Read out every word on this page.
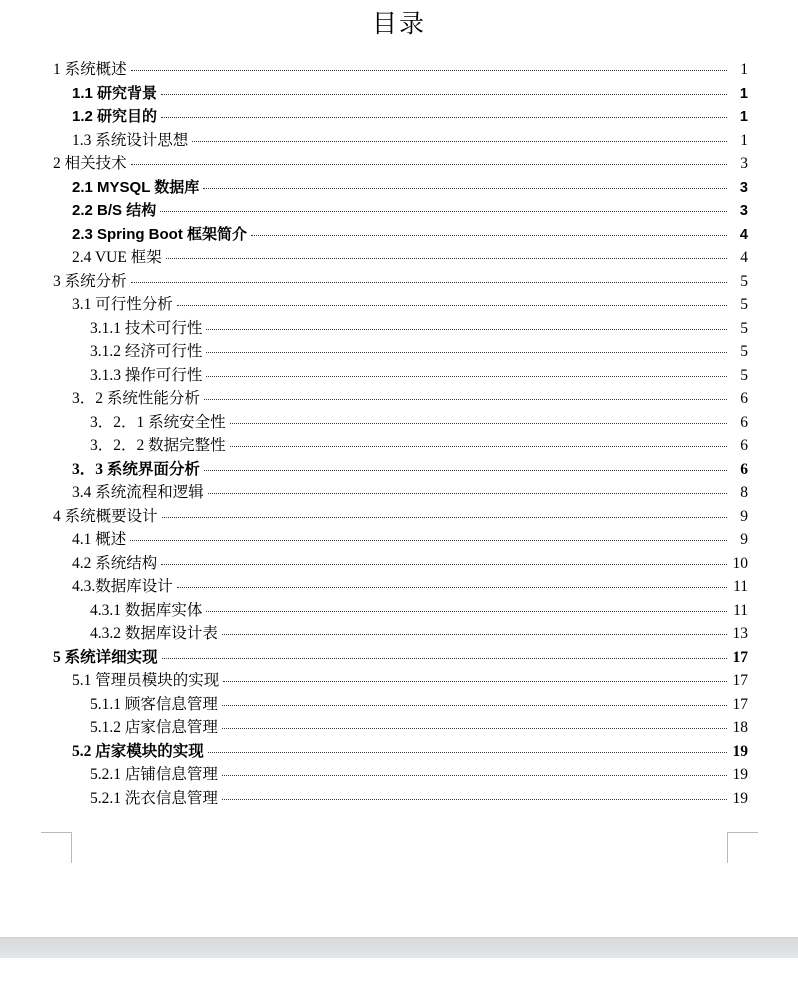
目录
1 系统概述	1
1.1 研究背景	1
1.2 研究目的	1
1.3 系统设计思想	1
2 相关技术	3
2.1 MYSQL 数据库	3
2.2 B/S 结构	3
2.3 Spring Boot 框架简介	4
2.4 VUE 框架	4
3 系统分析	5
3.1 可行性分析	5
3.1.1 技术可行性	5
3.1.2 经济可行性	5
3.1.3 操作可行性	5
3．2 系统性能分析	6
3．2．1 系统安全性	6
3．2．2 数据完整性	6
3．3 系统界面分析	6
3.4 系统流程和逻辑	8
4 系统概要设计	9
4.1 概述	9
4.2 系统结构	10
4.3.数据库设计	11
4.3.1 数据库实体	11
4.3.2 数据库设计表	13
5 系统详细实现	17
5.1 管理员模块的实现	17
5.1.1 顾客信息管理	17
5.1.2 店家信息管理	18
5.2 店家模块的实现	19
5.2.1 店铺信息管理	19
5.2.1 洗衣信息管理	19
